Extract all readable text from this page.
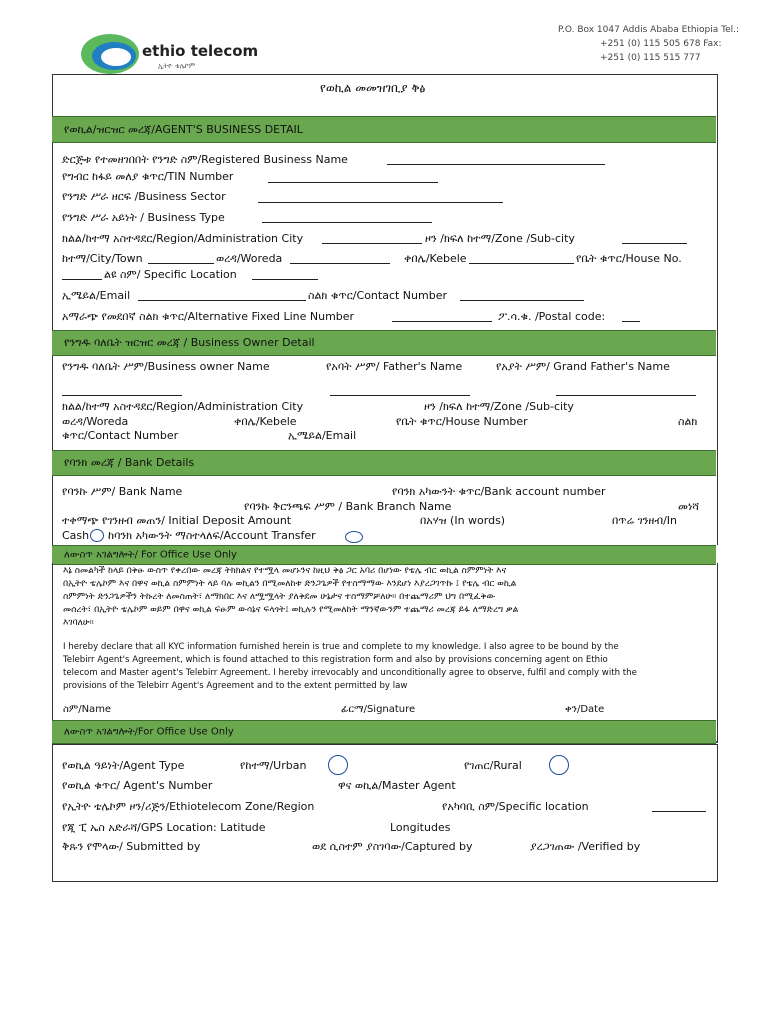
ethio telecom
ኢትዮ ቴሌኮም
P.O. Box 1047 Addis Ababa Ethiopia Tel.:
+251 (0) 115 505 678 Fax:
+251 (0) 115 515 777
የወኪል መመዝገቢያ ቅፅ
የወኪል/ዝርዝር መረጃ/AGENT'S BUSINESS DETAIL
ድርጅቱ የተመዘገበበት የንግድ ስም/Registered Business Name
የግብር ከፋይ መለያ ቁጥር/TIN Number
የንግድ ሥራ ዘርፍ /Business Sector
የንግድ ሥራ አይነት / Business Type
ክልል/ከተማ አስተዳደር/Region/Administration City	ዞን /ክፍለ ከተማ/Zone /Sub-city
ከተማ/City/Town	ወረዳ/Woreda	ቀበሌ/Kebele	የቤት ቁጥር/House No.
ልዩ ስም/ Specific Location
ኢሜይል/Email	ስልክ ቁጥር/Contact Number
አማራጭ የመደበኛ ስልክ ቁጥር/Alternative Fixed Line Number	ፖ.ሳ.ቁ. /Postal code:
የንግዱ ባለቤት ዝርዝር መረጃ / Business Owner Detail
የንግዱ ባለቤት ሥም/Business owner Name	የአባት ሥም/ Father's Name	የአያት ሥም/ Grand Father's Name
ክልል/ከተማ አስተዳደር/Region/Administration City	ዞን /ክፍለ ከተማ/Zone /Sub-city
ወረዳ/Woreda	ቀበሌ/Kebele	የቤት ቁጥር/House Number	ስልክ
ቁጥር/Contact Number	ኢሜይል/Email
የባንክ መረጃ / Bank Details
የባንኩ ሥም/ Bank Name	የባንክ አካውንት ቁጥር/Bank account number
የባንኩ ቅርንጫፍ ሥም / Bank Branch Name	መነሻ
ተቀማጭ የገንዘብ መጠን/ Initial Deposit Amount	በአሃዝ (In words)	በጥሬ ገንዘብ/In
Cash ከባንክ አካውንት ማስተላለፍ/Account Transfer
ለውስጥ አገልግሎት/ For Office Use Only
እኔ ስመልካች ከላይ በቅፁ ውስጥ የቀረበው መረጃ ትክክልና የተሟላ መሆኑንና ከዚህ ቅፅ ጋር አባሪ በሆነው የቴሌ ብር ወኪል ስምምነት እና
በኢትዮ ቴሌኮም እና በዋና ወኪል ስምምነት ላይ ባሉ ወኪልን በሚመለከቱ ድንጋጌዎች የተስማማው እንደሆነ እያረጋገጥኩ ፤ የቴሌ ብር ወኪል
ስምምነት ድንጋጌዎችን ትኩረት ለመስጠት፣ ለማክበር እና ለሟሟላት ያለቅደመ ሁኔታና ተስማምቻለሁ። በተጨማሪም ህግ በሚፈቅው
መሰረት፣ በኢትዮ ቴሌኮም ወይም በዋና ወኪል ፍፁም ውሳኔና ፍላጎት፤ ወኪሉን የሚመለከት ማንኛውንም ተጨማሪ መረጃ ይፋ ለማድረግ ቃል
እገባለሁ።
I hereby declare that all KYC information furnished herein is true and complete to my knowledge. I also agree to be bound by the
Telebirr Agent's Agreement, which is found attached to this registration form and also by provisions concerning agent on Ethio
telecom and Master agent's Telebirr Agreement. I hereby irrevocably and unconditionally agree to observe, fulfil and comply with the
provisions of the Telebirr Agent's Agreement and to the extent permitted by law
ስም/Name	ፊርማ/Signature	ቀን/Date
ለውስጥ አገልግሎት/For Office Use Only
የወኪል ዓይነት/Agent Type	የከተማ/Urban	የገጠር/Rural
የወኪል ቁጥር/ Agent's Number	ዋና ወኪል/Master Agent
የኢትዮ ቴሌኮም ዞን/ሪጅን/Ethiotelecom Zone/Region	የአካባቢ ስም/Specific location
የጂ ፒ ኤስ አድራሻ/GPS Location: Latitude	Longitudes
ቅጹን የሞላው/ Submitted by	ወደ ሲስተም ያስገባው/Captured by	ያረጋገጠው /Verified by
